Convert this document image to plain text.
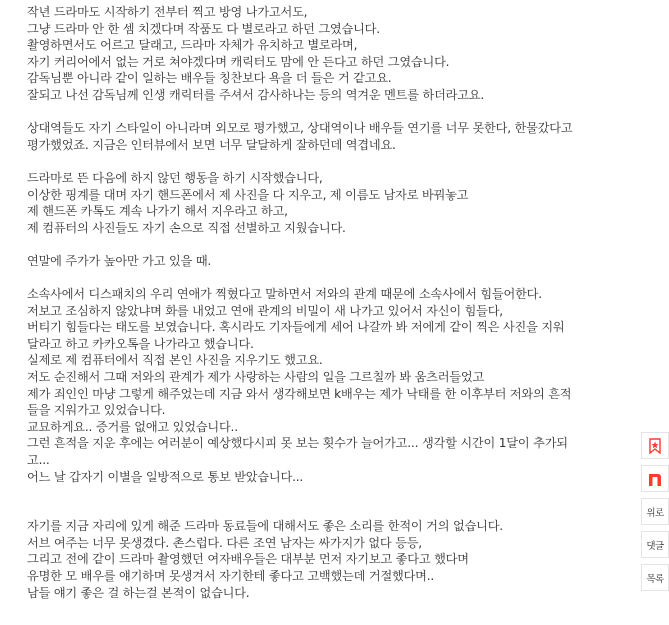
작년 드라마도 시작하기 전부터 찍고 방영 나가고서도,
그냥 드라마 안 한 셈 치겠다며 작품도 다 별로라고 하던 그였습니다.
촬영하면서도 어르고 달래고, 드라마 자체가 유치하고 별로라며,
자기 커리어에서 없는 거로 쳐야겠다며 캐릭터도 맘에 안 든다고 하던 그였습니다.
감독님뿐 아니라 같이 일하는 배우들 칭찬보다 욕을 더 들은 거 같고요.
잘되고 나선 감독님께 인생 캐릭터를 주셔서 감사하나는 등의 역겨운 멘트를 하더라고요.
상대역들도 자기 스타일이 아니라며 외모로 평가했고, 상대역이나 배우들 연기를 너무 못한다, 한물갔다고
평가했었죠. 지금은 인터뷰에서 보면 너무 달달하게 잘하던데 역겹네요.
드라마로 뜬 다음에 하지 않던 행동을 하기 시작했습니다,
이상한 핑계를 대며 자기 핸드폰에서 제 사진을 다 지우고, 제 이름도 남자로 바꿔놓고
제 핸드폰 카톡도 계속 나가기 해서 지우라고 하고,
제 컴퓨터의 사진들도 자기 손으로 직접 선별하고 지웠습니다.
연말에 주가가 높아만 가고 있을 때.
소속사에서 디스패치의 우리 연애가 찍혔다고 말하면서 저와의 관계 때문에 소속사에서 힘들어한다.
저보고 조심하지 않았냐며 화를 내었고 연애 관계의 비밀이 새 나가고 있어서 자신이 힘들다,
버티기 힘들다는 태도를 보였습니다. 혹시라도 기자들에게 세어 나갈까 봐 저에게 같이 찍은 사진을 지워
달라고 하고 카카오톡을 나가라고 했습니다.
실제로 제 컴퓨터에서 직접 본인 사진을 지우기도 했고요.
저도 순진해서 그때 저와의 관계가 제가 사랑하는 사람의 일을 그르칠까 봐 움츠러들었고
제가 죄인인 마냥 그렇게 해주었는데 지금 와서 생각해보면 k배우는 제가 낙태를 한 이후부터 저와의 흔적
들을 지워가고 있었습니다.
교묘하게요.. 증거를 없애고 있었습니다..
그런 흔적을 지운 후에는 여러분이 예상했다시피 못 보는 횟수가 늘어가고... 생각할 시간이 1달이 추가되
고...
어느 날 갑자기 이별을 일방적으로 통보 받았습니다...
자기를 지금 자리에 있게 해준 드라마 동료들에 대해서도 좋은 소리를 한적이 거의 없습니다.
서브 여주는 너무 못생겼다. 촌스럽다. 다른 조연 남자는 싸가지가 없다 등등,
그리고 전에 같이 드라마 촬영했던 여자배우들은 대부분 먼저 자기보고 좋다고 했다며
유명한 모 배우를 얘기하며 못생겨서 자기한테 좋다고 고백했는데 거절했다며..
남들 얘기 좋은 걸 하는걸 본적이 없습니다.
위로
댓글
목록
